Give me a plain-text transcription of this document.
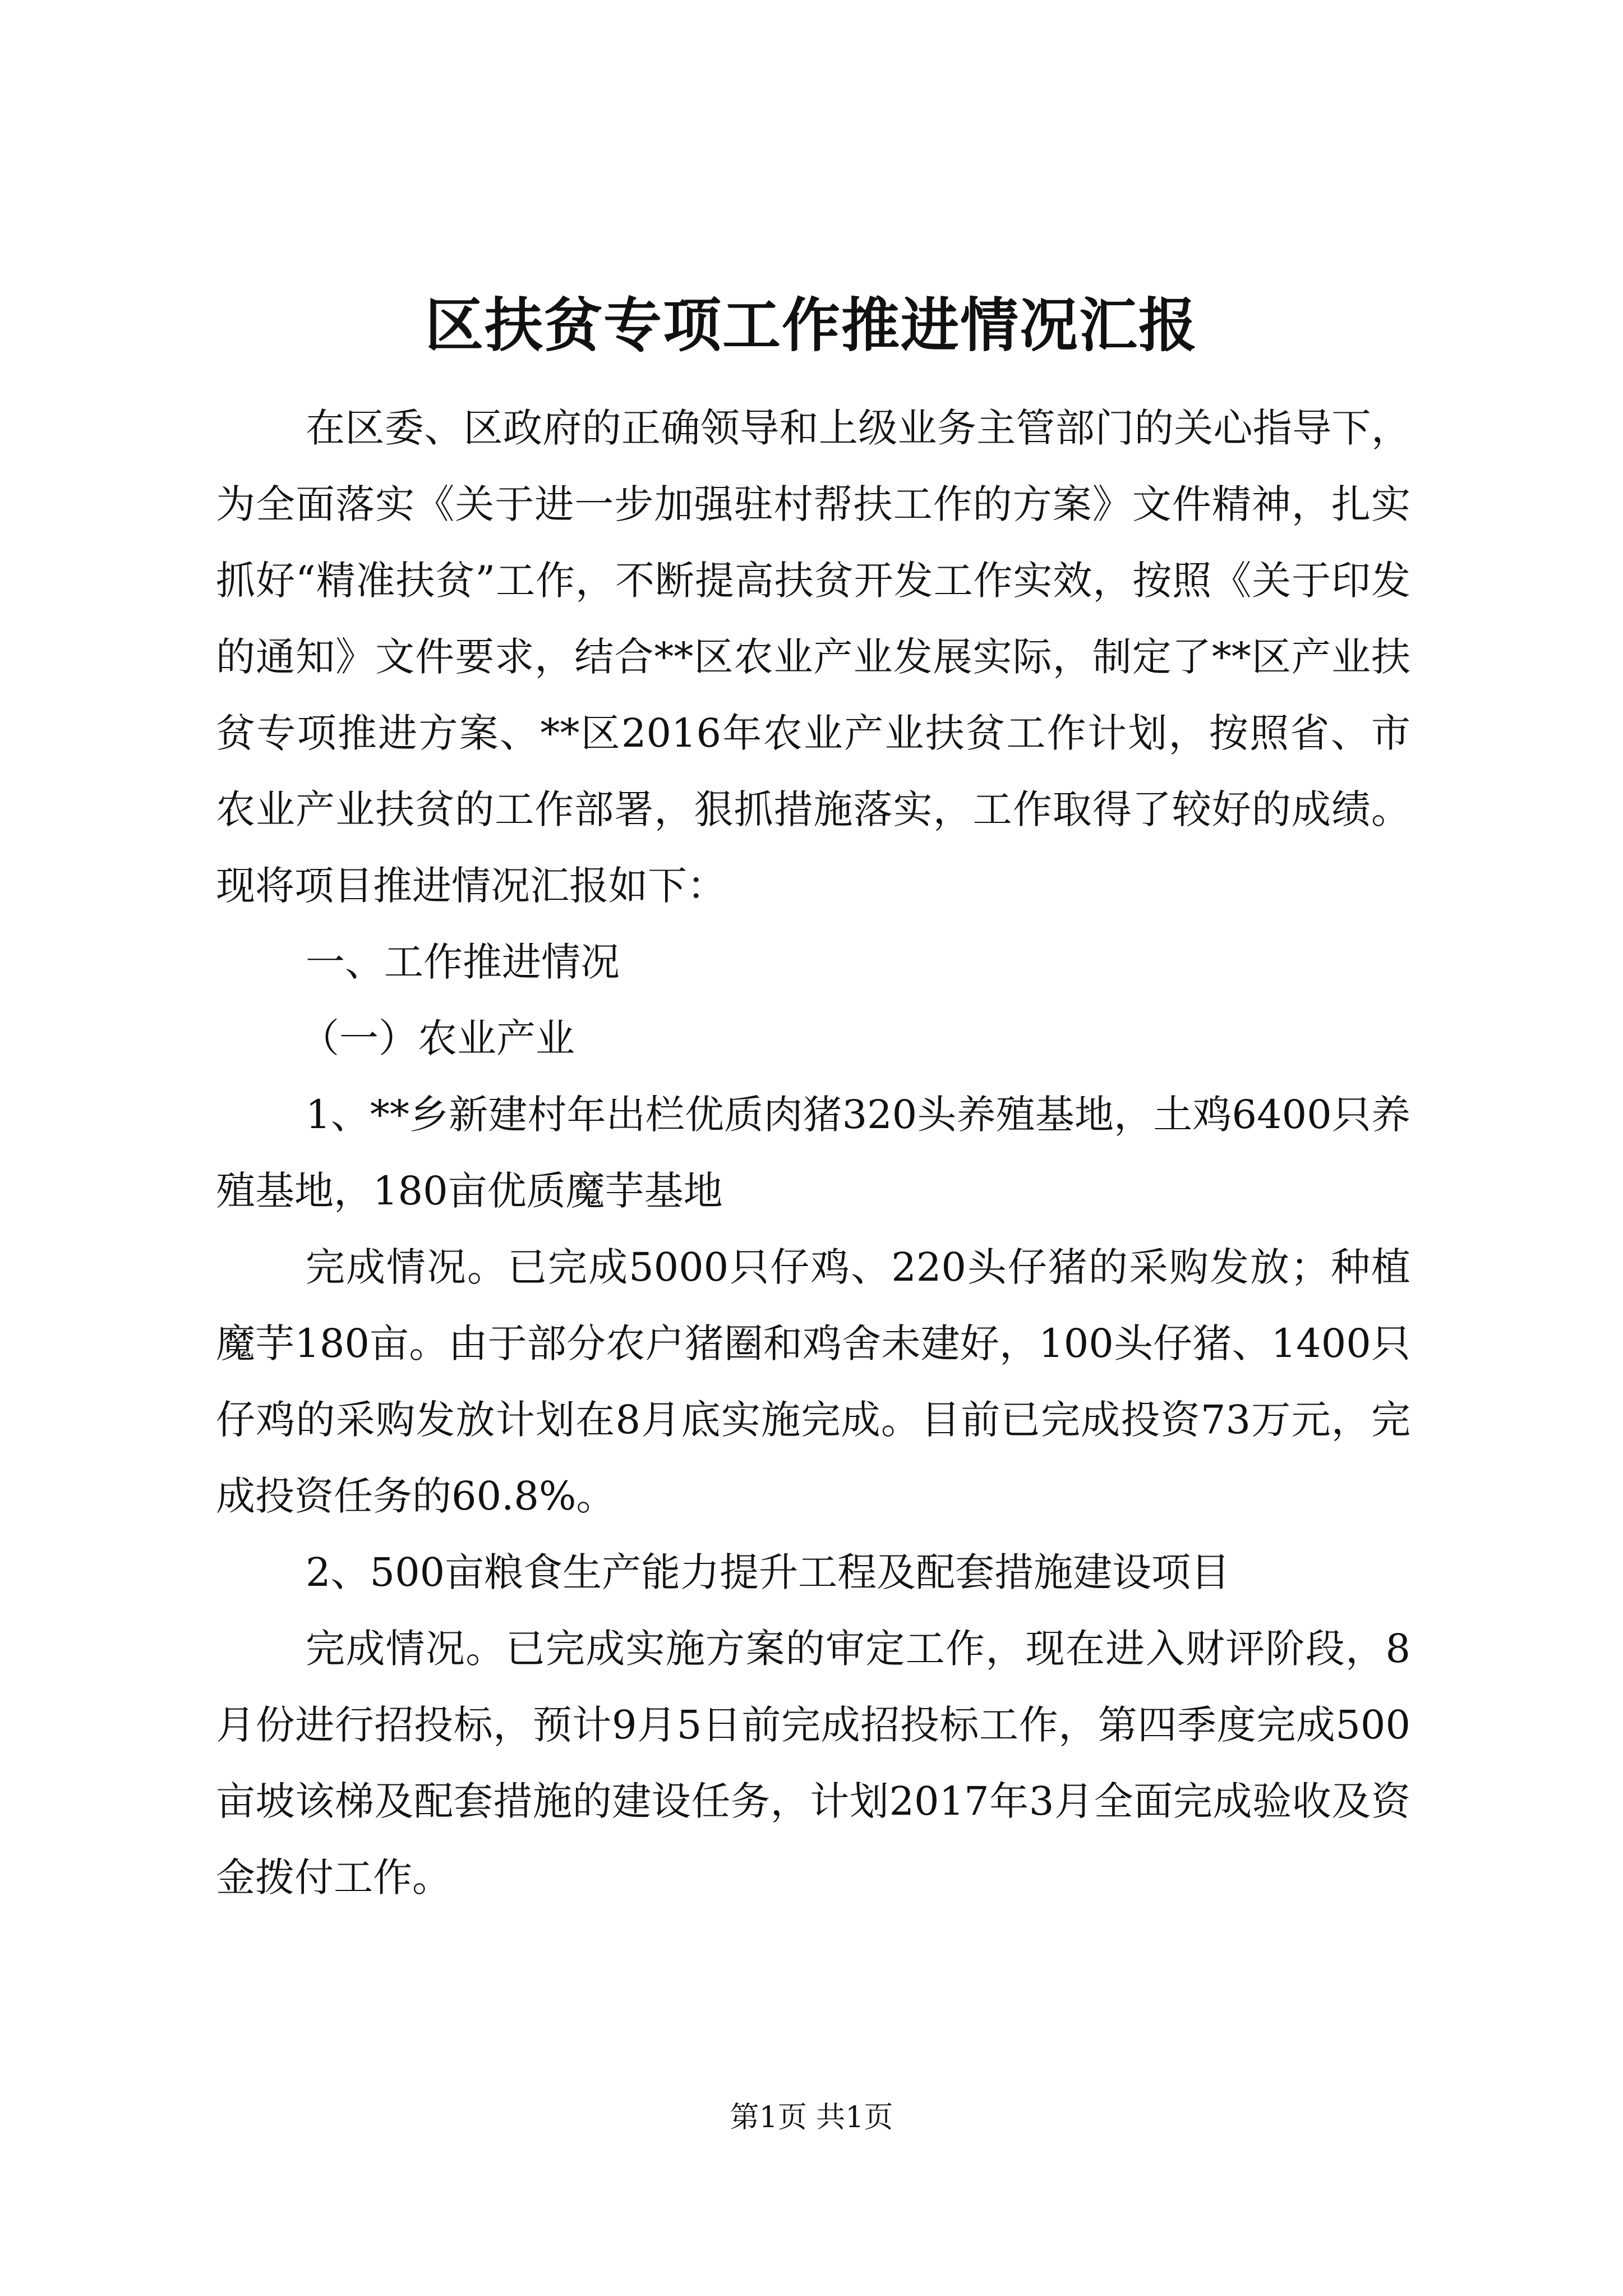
区扶贫专项工作推进情况汇报

在区委、区政府的正确领导和上级业务主管部门的关心指导下，为全面落实《关于进一步加强驻村帮扶工作的方案》文件精神，扎实抓好“精准扶贫”工作，不断提高扶贫开发工作实效，按照《关于印发的通知》文件要求，结合**区农业产业发展实际，制定了**区产业扶贫专项推进方案、**区2016年农业产业扶贫工作计划，按照省、市农业产业扶贫的工作部署，狠抓措施落实，工作取得了较好的成绩。现将项目推进情况汇报如下：

一、工作推进情况

（一）农业产业

1、**乡新建村年出栏优质肉猪320头养殖基地，土鸡6400只养殖基地，180亩优质魔芋基地

完成情况。已完成5000只仔鸡、220头仔猪的采购发放；种植魔芋180亩。由于部分农户猪圈和鸡舍未建好，100头仔猪、1400只仔鸡的采购发放计划在8月底实施完成。目前已完成投资73万元，完成投资任务的60.8%。

2、500亩粮食生产能力提升工程及配套措施建设项目

完成情况。已完成实施方案的审定工作，现在进入财评阶段，8月份进行招投标，预计9月5日前完成招投标工作，第四季度完成500亩坡该梯及配套措施的建设任务，计划2017年3月全面完成验收及资金拨付工作。

第1页 共1页
